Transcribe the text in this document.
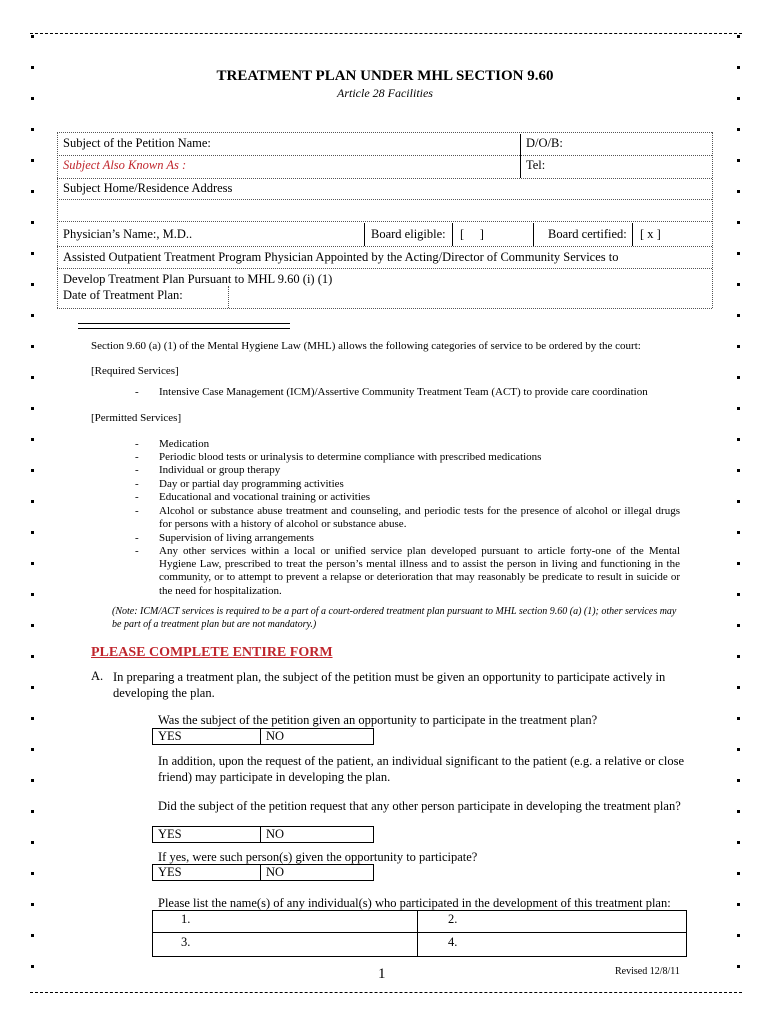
TREATMENT PLAN UNDER MHL SECTION 9.60
Article 28 Facilities
Subject of the Petition Name:	D/O/B:
Subject Also Known As :	Tel:
Subject Home/Residence Address
Physician’s Name:, M.D..	Board eligible: [     ]	Board certified: [ x ]
Assisted Outpatient Treatment Program Physician Appointed by the Acting/Director of Community Services to
Develop Treatment Plan Pursuant to MHL 9.60 (i) (1)
Date of Treatment Plan:
Section 9.60 (a) (1) of the Mental Hygiene Law (MHL) allows the following categories of service to be ordered by the court:
[Required Services]
- Intensive Case Management (ICM)/Assertive Community Treatment Team (ACT) to provide care coordination
[Permitted Services]
- Medication
- Periodic blood tests or urinalysis to determine compliance with prescribed medications
- Individual or group therapy
- Day or partial day programming activities
- Educational and vocational training or activities
- Alcohol or substance abuse treatment and counseling, and periodic tests for the presence of alcohol or illegal drugs for persons with a history of alcohol or substance abuse.
- Supervision of living arrangements
- Any other services within a local or unified service plan developed pursuant to article forty-one of the Mental Hygiene Law, prescribed to treat the person’s mental illness and to assist the person in living and functioning in the community, or to attempt to prevent a relapse or deterioration that may reasonably be predicate to result in suicide or the need for hospitalization.
(Note: ICM/ACT services is required to be a part of a court-ordered treatment plan pursuant to MHL section 9.60 (a) (1); other services may be part of a treatment plan but are not mandatory.)
PLEASE COMPLETE ENTIRE FORM
A. In preparing a treatment plan, the subject of the petition must be given an opportunity to participate actively in developing the plan.
Was the subject of the petition given an opportunity to participate in the treatment plan?
YES	NO
In addition, upon the request of the patient, an individual significant to the patient (e.g. a relative or close friend) may participate in developing the plan.
Did the subject of the petition request that any other person participate in developing the treatment plan?
YES	NO
If yes, were such person(s) given the opportunity to participate?
YES	NO
Please list the name(s) of any individual(s) who participated in the development of this treatment plan:
1.	2.
3.	4.
1	Revised 12/8/11
